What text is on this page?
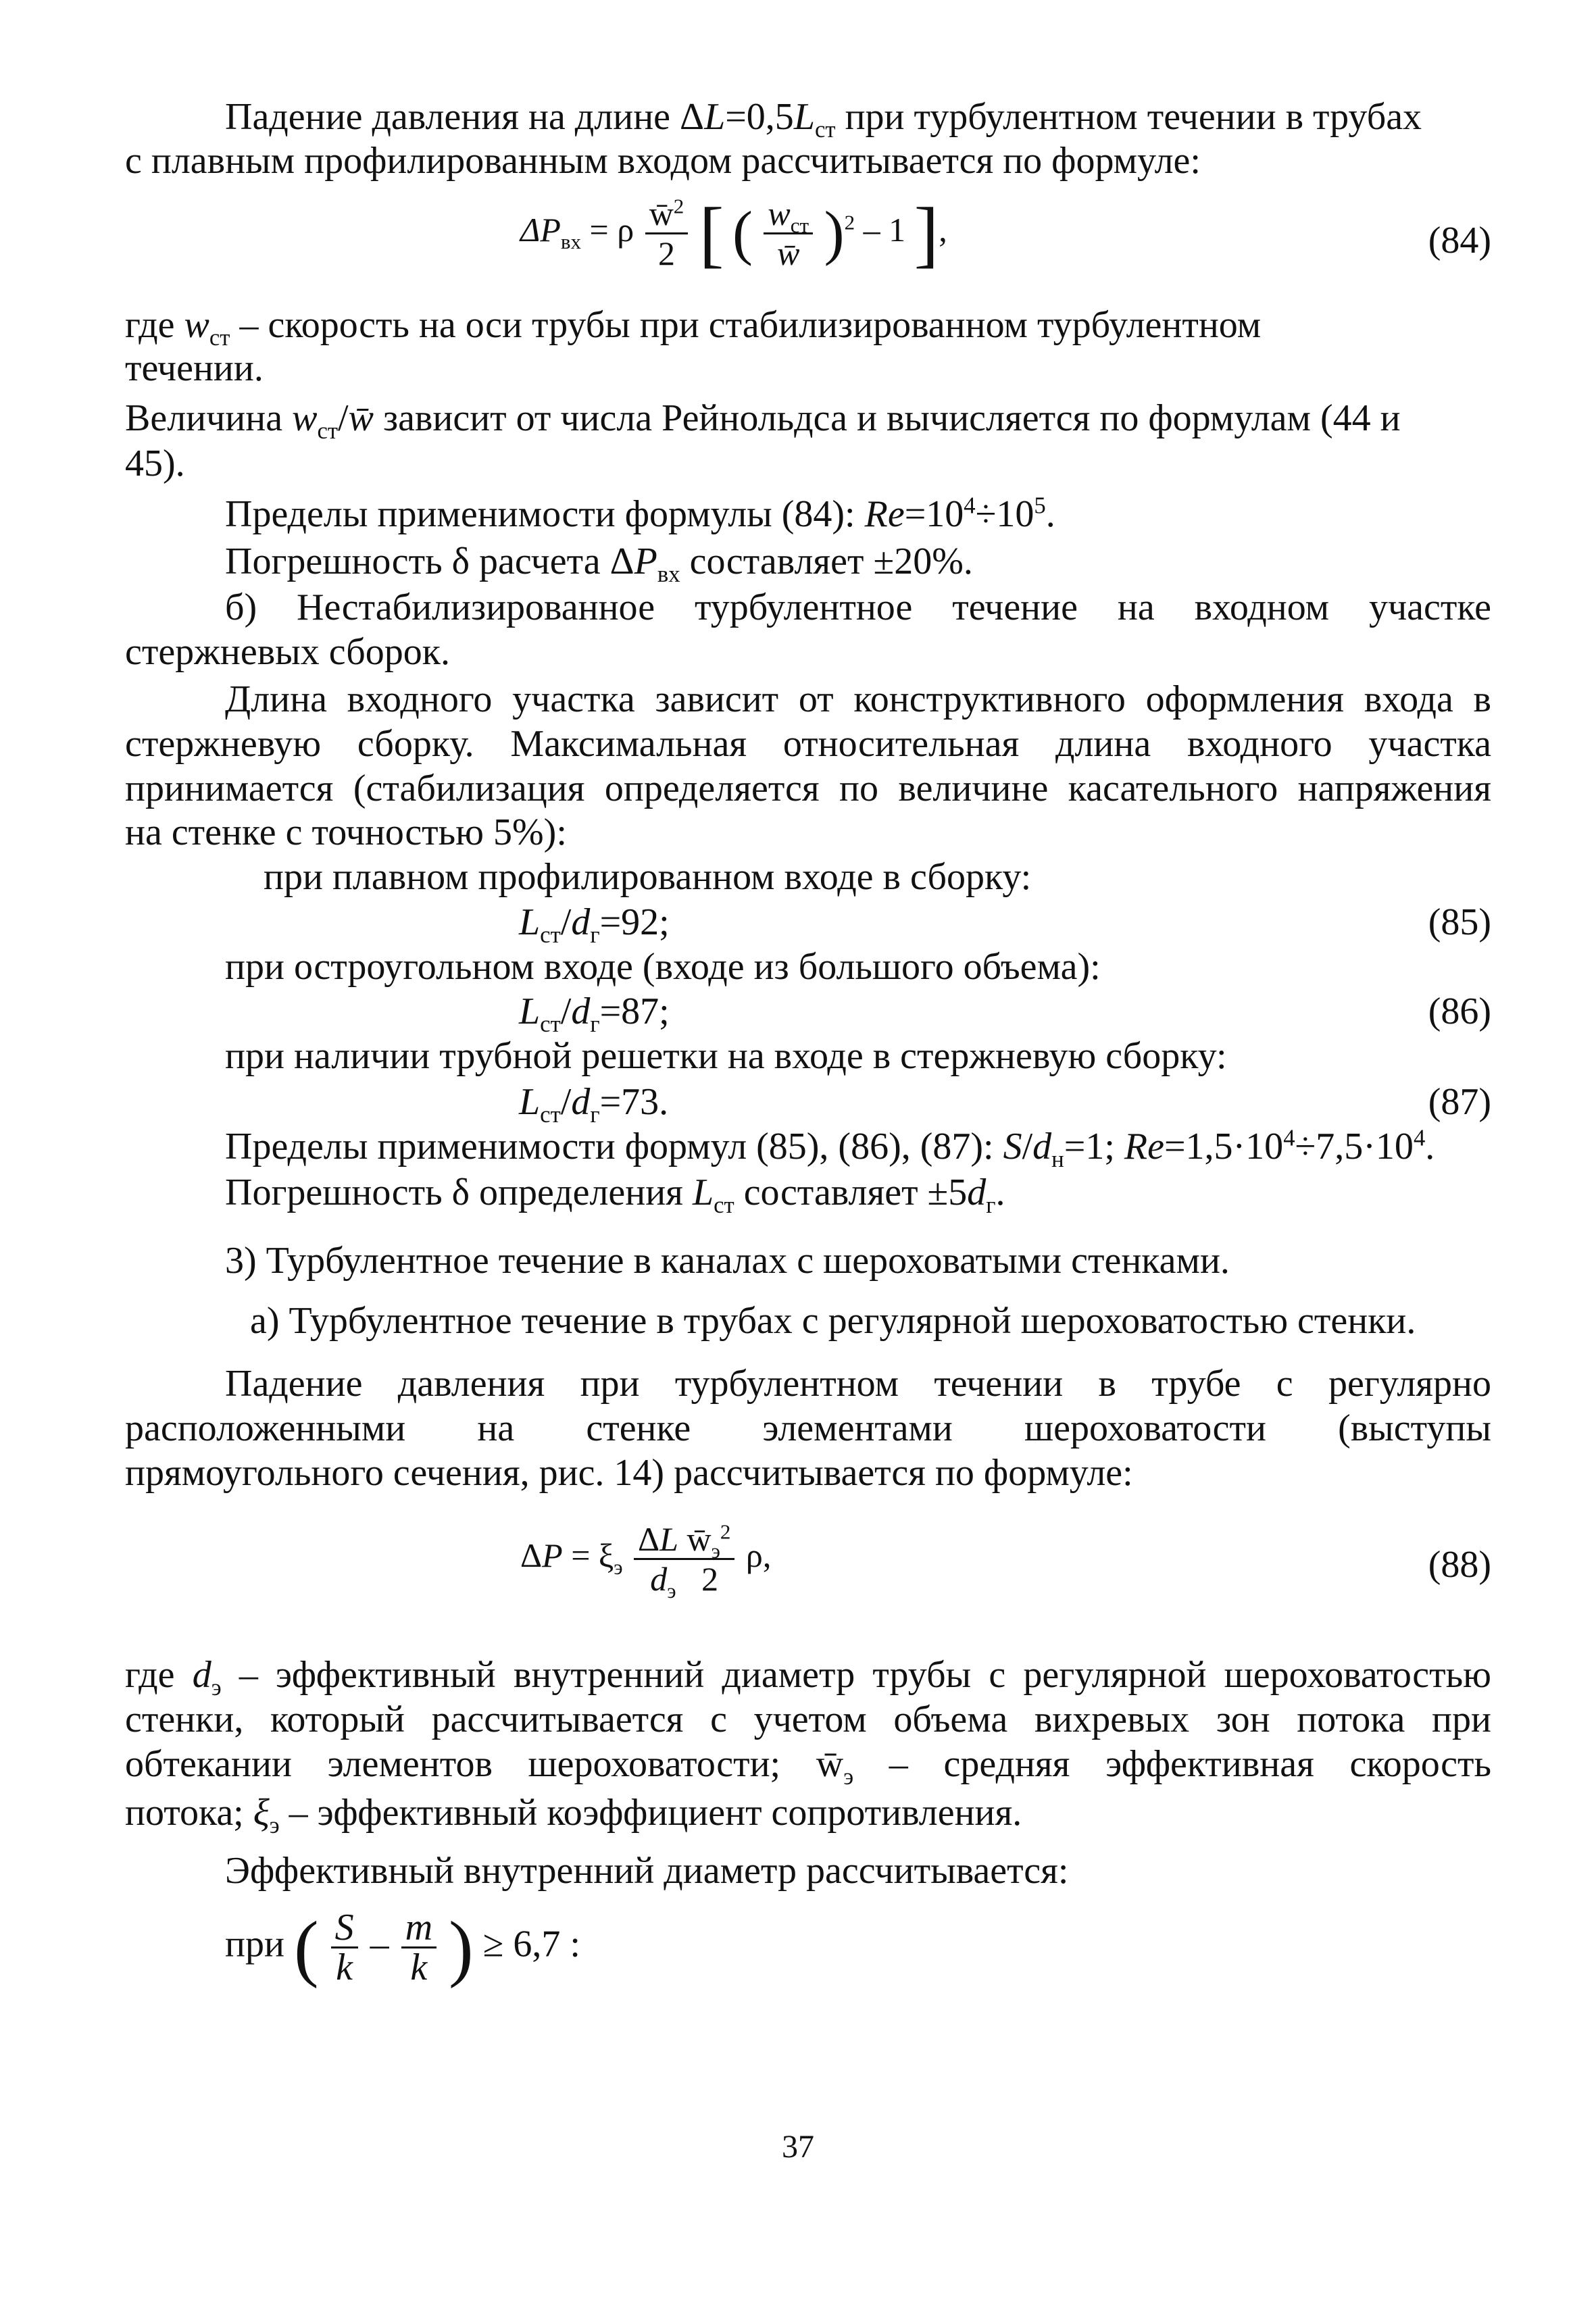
Падение давления на длине $\Delta L=0,5L_{ст}$ при турбулентном течении в трубах
с плавным профилированным входом рассчитывается по формуле:
$\Delta P_{вх} = \rho \frac{w̄^2}{2}$ [ ( $\frac{w_{ст}}{w̄} )^2 - 1$ ],	(84)
где $w_{ст}$ – скорость на оси трубы при стабилизированном турбулентном
течении.
Величина $w_{ст}/w̄$ зависит от числа Рейнольдса и вычисляется по формулам (44 и
45).
Пределы применимости формулы (84): $Re=10^4\div 10^5$.
Погрешность δ расчета $\Delta P_{вх}$ составляет ±20%.
б) Нестабилизированное турбулентное течение на входном участке
стержневых сборок.
Длина входного участка зависит от конструктивного оформления входа в
стержневую сборку. Максимальная относительная длина входного участка
принимается (стабилизация определяется по величине касательного напряжения
на стенке с точностью 5%):
при плавном профилированном входе в сборку:
$L_{ст}/d_г=92$;	(85)
при остроугольном входе (входе из большого объема):
$L_{ст}/d_г=87$;	(86)
при наличии трубной решетки на входе в стержневую сборку:
$L_{ст}/d_г=73$.	(87)
Пределы применимости формул (85), (86), (87): $S/d_н=1$; $Re=1,5\cdot 10^4\div 7,5\cdot 10^4$.
Погрешность δ определения $L_{ст}$ составляет $\pm 5d_г$.
3) Турбулентное течение в каналах с шероховатыми стенками.
а) Турбулентное течение в трубах с регулярной шероховатостью стенки.
Падение давления при турбулентном течении в трубе с регулярно
расположенными на стенке элементами шероховатости (выступы
прямоугольного сечения, рис. 14) рассчитывается по формуле:
$\Delta P = \xi_э \frac{\Delta L w̄_э^2}{d_э 2} \rho$,	(88)
где $d_э$ – эффективный внутренний диаметр трубы с регулярной шероховатостью
стенки, который рассчитывается с учетом объема вихревых зон потока при
обтекании элементов шероховатости; $w̄_э$ – средняя эффективная скорость
потока; $\xi_э$ – эффективный коэффициент сопротивления.
Эффективный внутренний диаметр рассчитывается:
при ( $\frac{S}{k} - \frac{m}{k}$ ) ≥ 6,7 :
37
